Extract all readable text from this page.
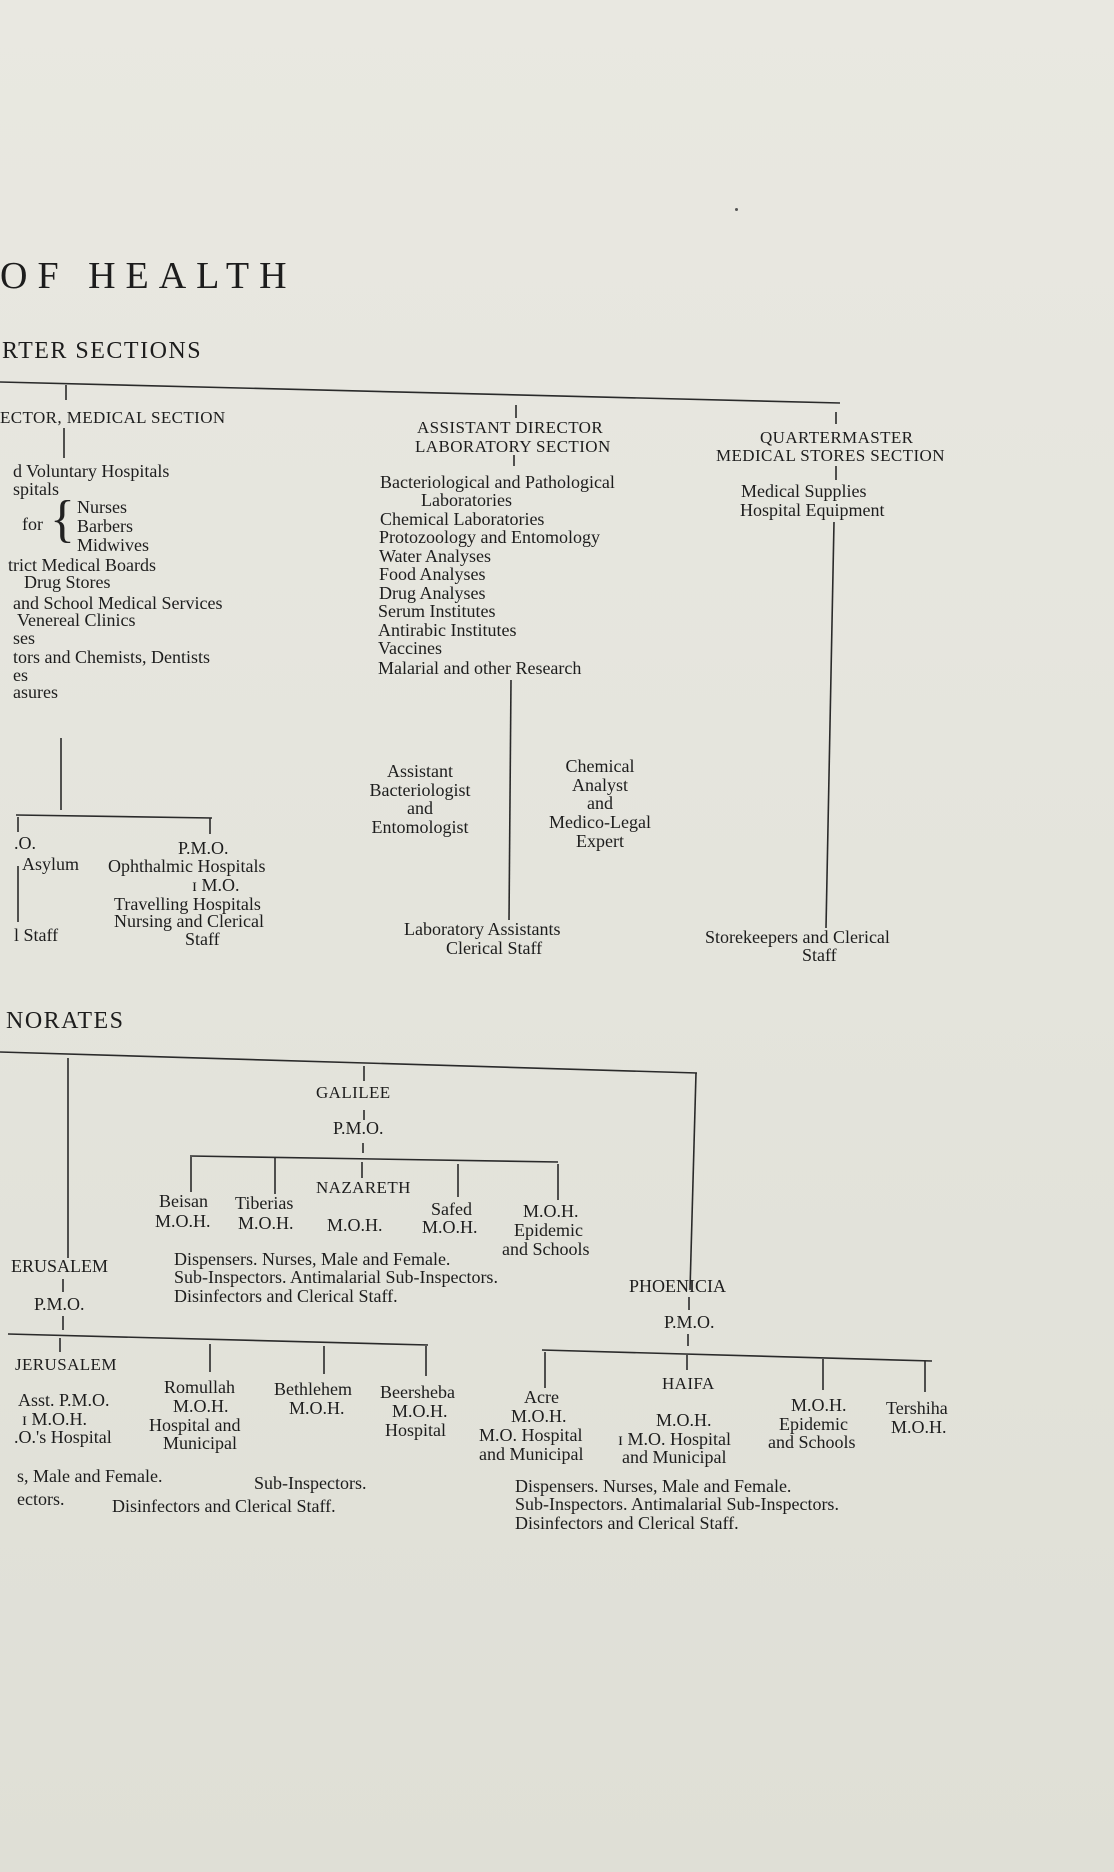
OF HEALTH
RTER SECTIONS
ECTOR, MEDICAL SECTION
d Voluntary Hospitals
spitals
for { Nurses
Barbers
Midwives
trict Medical Boards
Drug Stores
and School Medical Services
Venereal Clinics
ses
tors and Chemists, Dentists
es
asures
.O.
Asylum
l Staff
P.M.O.
Ophthalmic Hospitals
ɪ M.O.
Travelling Hospitals
Nursing and Clerical
Staff
ASSISTANT DIRECTOR
LABORATORY SECTION
Bacteriological and Pathological
Laboratories
Chemical Laboratories
Protozoology and Entomology
Water Analyses
Food Analyses
Drug Analyses
Serum Institutes
Antirabic Institutes
Vaccines
Malarial and other Research
Assistant
Bacteriologist
and
Entomologist
Chemical
Analyst
and
Medico-Legal
Expert
Laboratory Assistants
Clerical Staff
QUARTERMASTER
MEDICAL STORES SECTION
Medical Supplies
Hospital Equipment
Storekeepers and Clerical
Staff
NORATES
GALILEE
P.M.O.
NAZARETH
Beisan Tiberias	Safed
M.O.H. M.O.H. M.O.H. M.O.H.
M.O.H.
Epidemic
and Schools
Dispensers. Nurses, Male and Female.
Sub-Inspectors. Antimalarial Sub-Inspectors.
Disinfectors and Clerical Staff.
ERUSALEM
P.M.O.
JERUSALEM
Asst. P.M.O.
ɪ M.O.H.
.O.'s Hospital
Romullah
M.O.H.
Hospital and
Municipal
Bethlehem
M.O.H.
Beersheba
M.O.H.
Hospital
s, Male and Female.	Sub-Inspectors.
ectors.	Disinfectors and Clerical Staff.
PHOENICIA
P.M.O.
HAIFA
Acre
M.O.H.
M.O. Hospital
and Municipal
M.O.H.
ɪ M.O. Hospital
and Municipal
M.O.H.
Epidemic
and Schools
Tershiha
M.O.H.
Dispensers. Nurses, Male and Female.
Sub-Inspectors. Antimalarial Sub-Inspectors.
Disinfectors and Clerical Staff.
